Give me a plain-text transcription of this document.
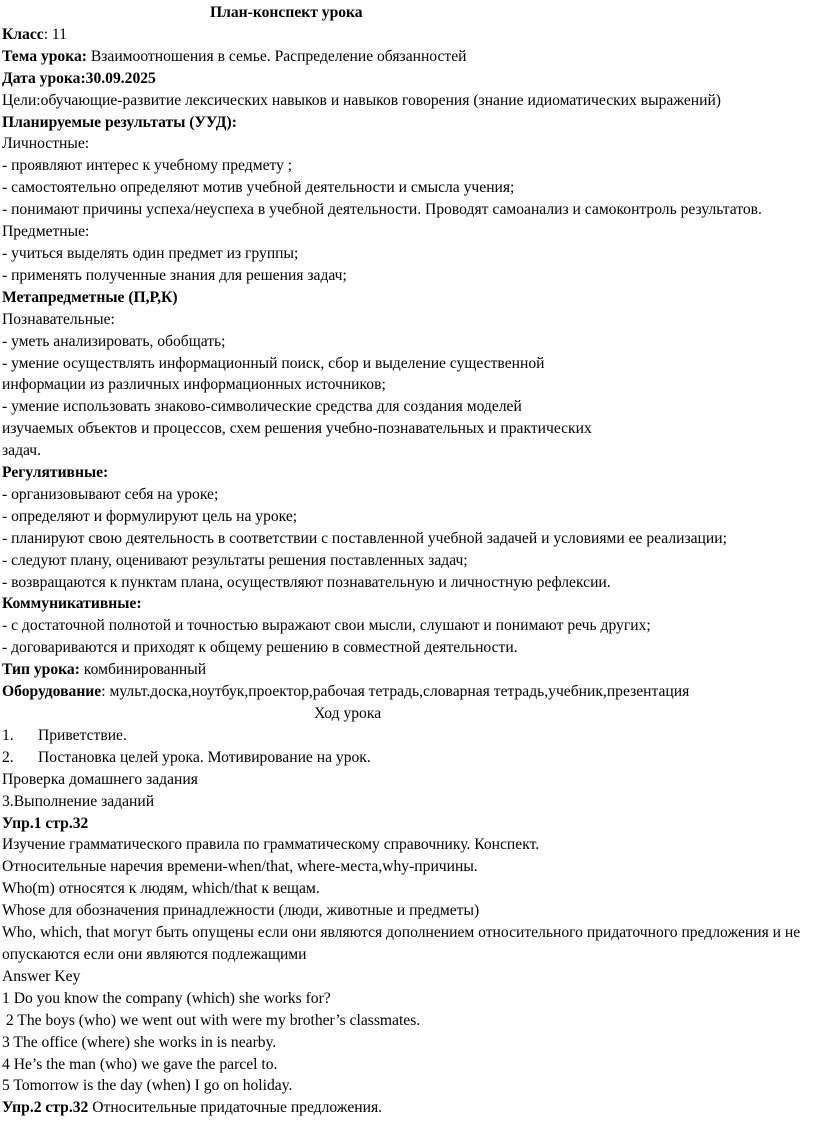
План-конспект урока
Класс: 11
Тема урока: Взаимоотношения в семье. Распределение обязанностей
Дата урока:30.09.2025
Цели:обучающие-развитие лексических навыков и навыков говорения (знание идиоматических выражений)
Планируемые результаты (УУД):
Личностные:
- проявляют интерес к учебному предмету ;
- самостоятельно определяют мотив учебной деятельности и смысла учения;
- понимают причины успеха/неуспеха в учебной деятельности. Проводят самоанализ и самоконтроль результатов.
Предметные:
- учиться выделять один предмет из группы;
- применять полученные знания для решения задач;
Метапредметные (П,Р,К)
Познавательные:
- уметь анализировать, обобщать;
- умение осуществлять информационный поиск, сбор и выделение существенной
информации из различных информационных источников;
- умение использовать знаково-символические средства для создания моделей
изучаемых объектов и процессов, схем решения учебно-познавательных и практических
задач.
Регулятивные:
- организовывают себя на уроке;
- определяют и формулируют цель на уроке;
- планируют свою деятельность в соответствии с поставленной учебной задачей и условиями ее реализации;
- следуют плану, оценивают результаты решения поставленных задач;
- возвращаются к пунктам плана, осуществляют познавательную и личностную рефлексии.
Коммуникативные:
- с достаточной полнотой и точностью выражают свои мысли, слушают и понимают речь других;
- договариваются и приходят к общему решению в совместной деятельности.
Тип урока: комбинированный
Оборудование: мульт.доска,ноутбук,проектор,рабочая тетрадь,словарная тетрадь,учебник,презентация
Ход урока
1. Приветствие.
2. Постановка целей урока. Мотивирование на урок.
Проверка домашнего задания
3.Выполнение заданий
Упр.1 стр.32
Изучение грамматического правила по грамматическому справочнику. Конспект.
Относительные наречия времени-when/that, where-места,why-причины.
Who(m) относятся к людям, which/that к вещам.
Whose для обозначения принадлежности (люди, животные и предметы)
Who, which, that могут быть опущены если они являются дополнением относительного придаточного предложения и не опускаются если они являются подлежащими
Answer Key
1 Do you know the company (which) she works for?
2 The boys (who) we went out with were my brother’s classmates.
3 The office (where) she works in is nearby.
4 He’s the man (who) we gave the parcel to.
5 Tomorrow is the day (when) I go on holiday.
Упр.2 стр.32 Относительные придаточные предложения.
